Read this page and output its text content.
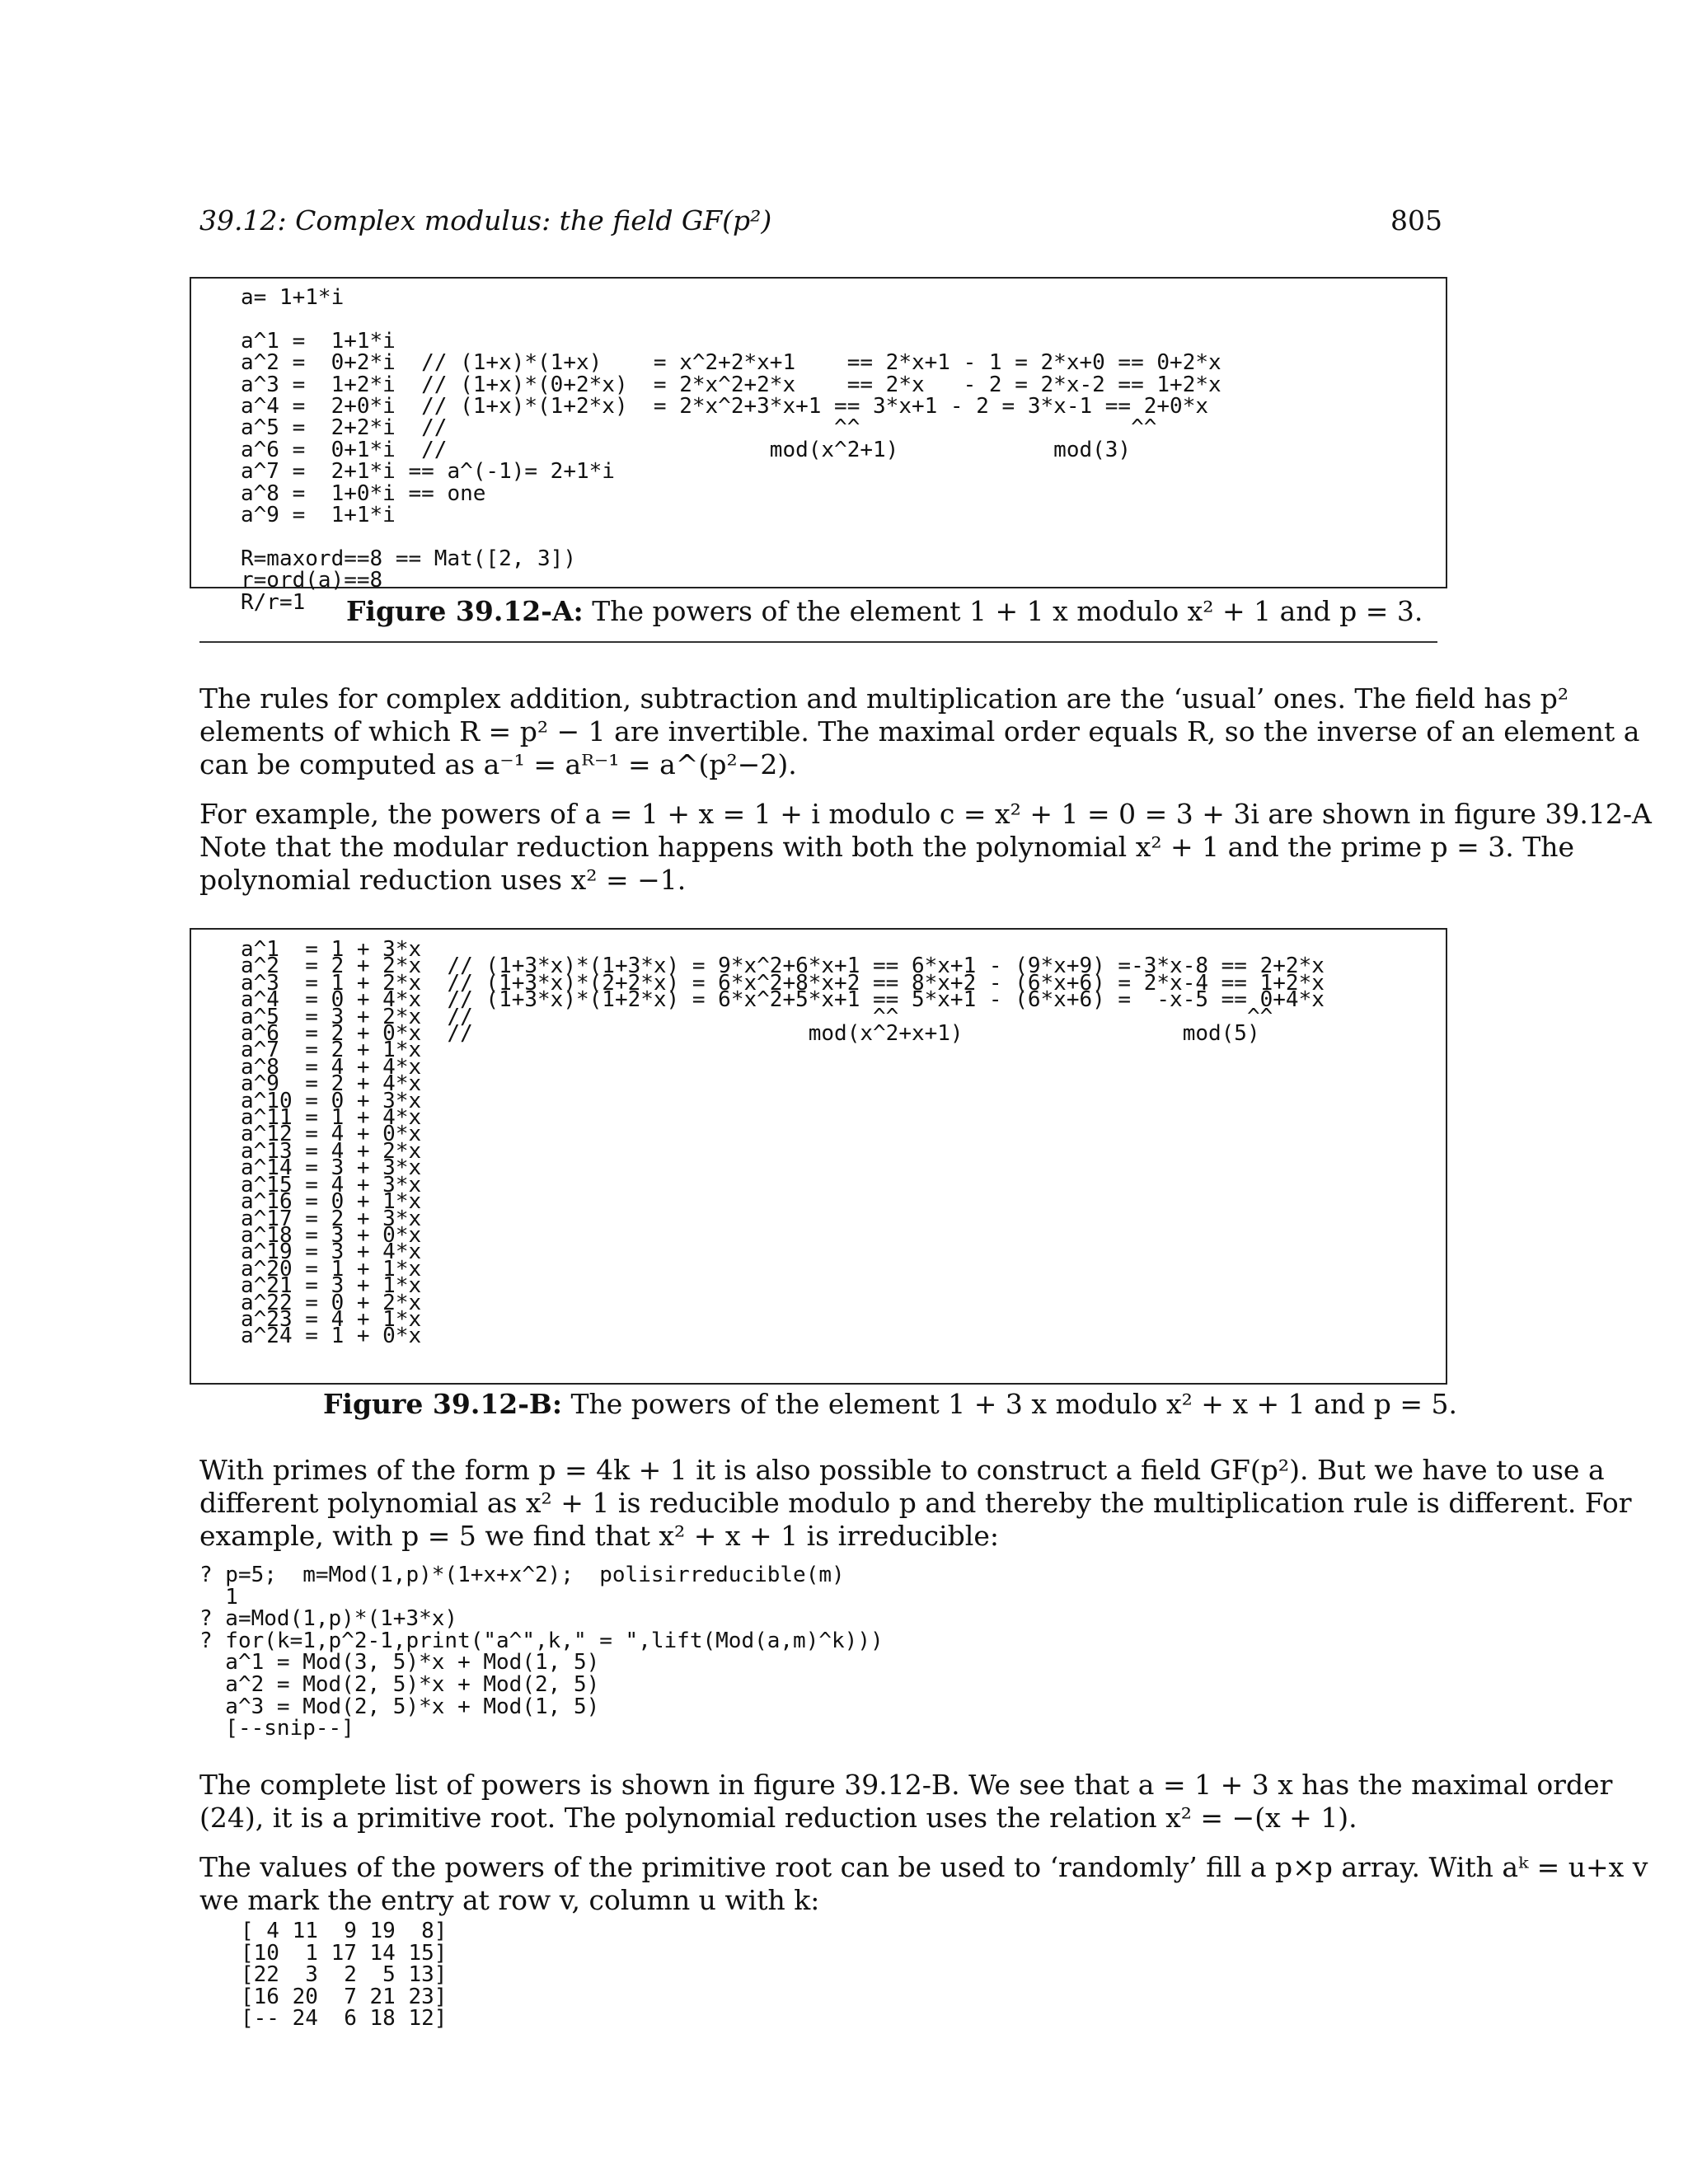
39.12: Complex modulus: the field GF(p²)	805
a= 1+1*i

a^1 =  1+1*i
a^2 =  0+2*i  // (1+x)*(1+x)    = x^2+2*x+1    == 2*x+1 - 1 = 2*x+0 == 0+2*x
a^3 =  1+2*i  // (1+x)*(0+2*x)  = 2*x^2+2*x    == 2*x   - 2 = 2*x-2 == 1+2*x
a^4 =  2+0*i  // (1+x)*(1+2*x)  = 2*x^2+3*x+1 == 3*x+1 - 2 = 3*x-1 == 2+0*x
a^5 =  2+2*i  //                              ^^                     ^^
a^6 =  0+1*i  //                         mod(x^2+1)            mod(3)
a^7 =  2+1*i == a^(-1)= 2+1*i
a^8 =  1+0*i == one
a^9 =  1+1*i

R=maxord==8 == Mat([2, 3])
r=ord(a)==8
R/r=1	Figure 39.12-A: The powers of the element 1 + 1 x modulo x² + 1 and p = 3.

The rules for complex addition, subtraction and multiplication are the ‘usual’ ones. The field has p²

elements of which R = p² − 1 are invertible. The maximal order equals R, so the inverse of an element a

can be computed as a⁻¹ = aᴿ⁻¹ = a^(p²−2).

For example, the powers of a = 1 + x = 1 + i modulo c = x² + 1 = 0 = 3 + 3i are shown in figure 39.12-A

Note that the modular reduction happens with both the polynomial x² + 1 and the prime p = 3. The

polynomial reduction uses x² = −1.

a^1  = 1 + 3*x
a^2  = 2 + 2*x  // (1+3*x)*(1+3*x) = 9*x^2+6*x+1 == 6*x+1 - (9*x+9) =-3*x-8 == 2+2*x
a^3  = 1 + 2*x  // (1+3*x)*(2+2*x) = 6*x^2+8*x+2 == 8*x+2 - (6*x+6) = 2*x-4 == 1+2*x
a^4  = 0 + 4*x  // (1+3*x)*(1+2*x) = 6*x^2+5*x+1 == 5*x+1 - (6*x+6) =  -x-5 == 0+4*x
a^5  = 3 + 2*x  //                               ^^                           ^^
a^6  = 2 + 0*x  //                          mod(x^2+x+1)                 mod(5)
a^7  = 2 + 1*x
a^8  = 4 + 4*x
a^9  = 2 + 4*x
a^10 = 0 + 3*x
a^11 = 1 + 4*x
a^12 = 4 + 0*x
a^13 = 4 + 2*x
a^14 = 3 + 3*x
a^15 = 4 + 3*x
a^16 = 0 + 1*x
a^17 = 2 + 3*x
a^18 = 3 + 0*x
a^19 = 3 + 4*x
a^20 = 1 + 1*x
a^21 = 3 + 1*x
a^22 = 0 + 2*x
a^23 = 4 + 1*x
a^24 = 1 + 0*x
Figure 39.12-B: The powers of the element 1 + 3 x modulo x² + x + 1 and p = 5.

With primes of the form p = 4k + 1 it is also possible to construct a field GF(p²). But we have to use a

different polynomial as x² + 1 is reducible modulo p and thereby the multiplication rule is different. For

example, with p = 5 we find that x² + x + 1 is irreducible:

? p=5;  m=Mod(1,p)*(1+x+x^2);  polisirreducible(m)
1
? a=Mod(1,p)*(1+3*x)
? for(k=1,p^2-1,print("a^",k," = ",lift(Mod(a,m)^k)))
a^1 = Mod(3, 5)*x + Mod(1, 5)
a^2 = Mod(2, 5)*x + Mod(2, 5)
a^3 = Mod(2, 5)*x + Mod(1, 5)
[--snip--]

The complete list of powers is shown in figure 39.12-B. We see that a = 1 + 3 x has the maximal order

(24), it is a primitive root. The polynomial reduction uses the relation x² = −(x + 1).

The values of the powers of the primitive root can be used to ‘randomly’ fill a p×p array. With aᵏ = u+x v

we mark the entry at row v, column u with k:

[ 4 11  9 19  8]
[10  1 17 14 15]
[22  3  2  5 13]
[16 20  7 21 23]
[-- 24  6 18 12]
